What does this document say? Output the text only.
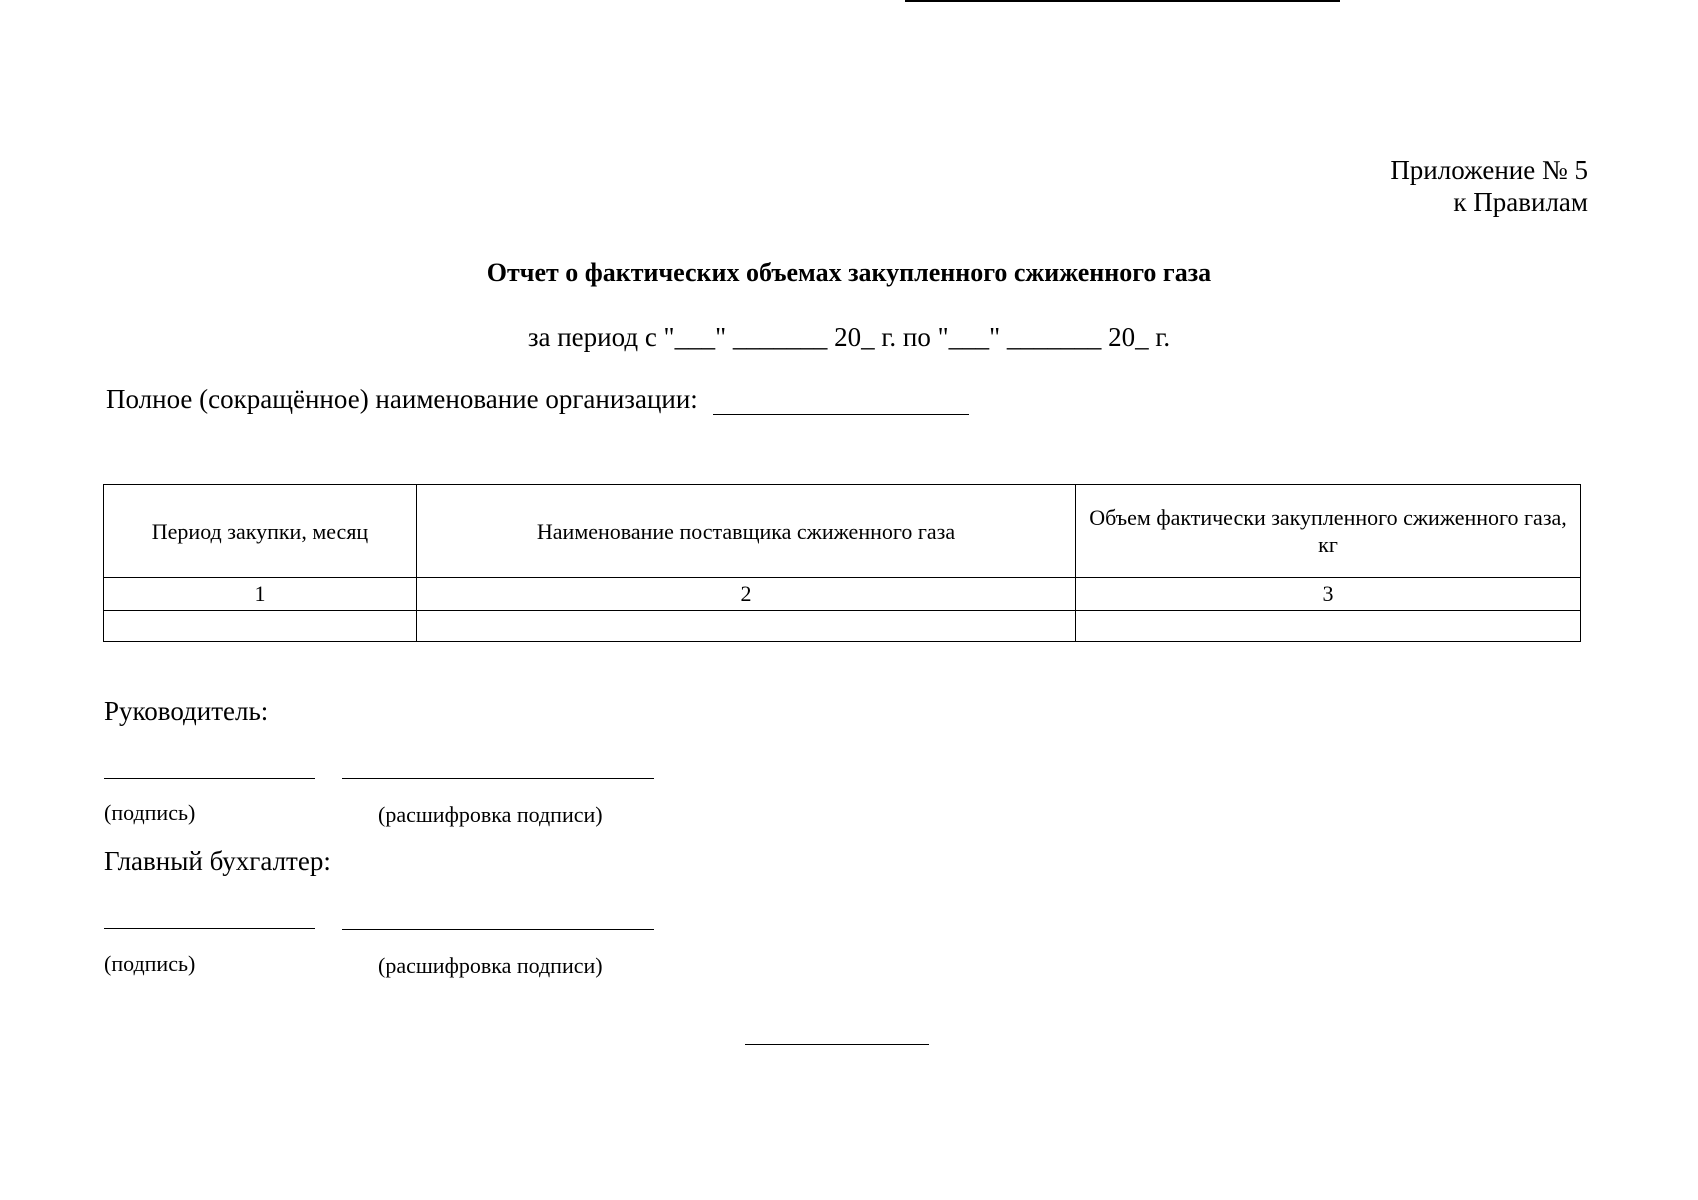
Приложение № 5
к Правилам
Отчет о фактических объемах закупленного сжиженного газа
за период с "___" _______ 20_ г. по "___" _______ 20_ г.
Полное (сокращённое) наименование организации:
Период закупки, месяц	Наименование поставщика сжиженного газа	Объем фактически закупленного сжиженного газа, кг
1	2	3

Руководитель:
(подпись)	(расшифровка подписи)
Главный бухгалтер:
(подпись)	(расшифровка подписи)
